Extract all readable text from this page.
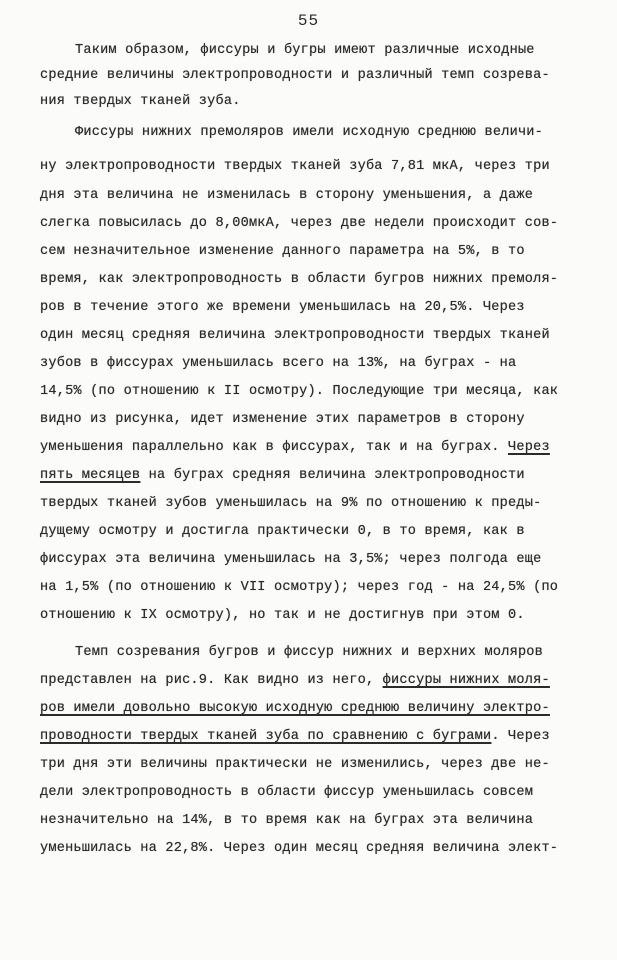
55
Таким образом, фиссуры и бугры имеют различные исходные
средние величины электропроводности и различный темп созрева-
ния твердых тканей зуба.
Фиссуры нижних премоляров имели исходную среднюю величи-
ну электропроводности твердых тканей зуба 7,81 мкА, через три
дня эта величина не изменилась в сторону уменьшения, а даже
слегка повысилась до 8,00мкА, через две недели происходит сов-
сем незначительное изменение данного параметра на 5%, в то
время, как электропроводность в области бугров нижних премоля-
ров в течение этого же времени уменьшилась на 20,5%. Через
один месяц средняя величина электропроводности твердых тканей
зубов в фиссурах уменьшилась всего на 13%, на буграх - на
14,5% (по отношению к II осмотру). Последующие три месяца, как
видно из рисунка, идет изменение этих параметров в сторону
уменьшения параллельно как в фиссурах, так и на буграх. Через
пять месяцев на буграх средняя величина электропроводности
твердых тканей зубов уменьшилась на 9% по отношению к преды-
дущему осмотру и достигла практически 0, в то время, как в
фиссурах эта величина уменьшилась на 3,5%; через полгода еще
на 1,5% (по отношению к VII осмотру); через год - на 24,5% (по
отношению к IX осмотру), но так и не достигнув при этом 0.
Темп созревания бугров и фиссур нижних и верхних моляров
представлен на рис.9. Как видно из него, фиссуры нижних моля-
ров имели довольно высокую исходную среднюю величину электро-
проводности твердых тканей зуба по сравнению с буграми. Через
три дня эти величины практически не изменились, через две не-
дели электропроводность в области фиссур уменьшилась совсем
незначительно на 14%, в то время как на буграх эта величина
уменьшилась на 22,8%. Через один месяц средняя величина элект-
